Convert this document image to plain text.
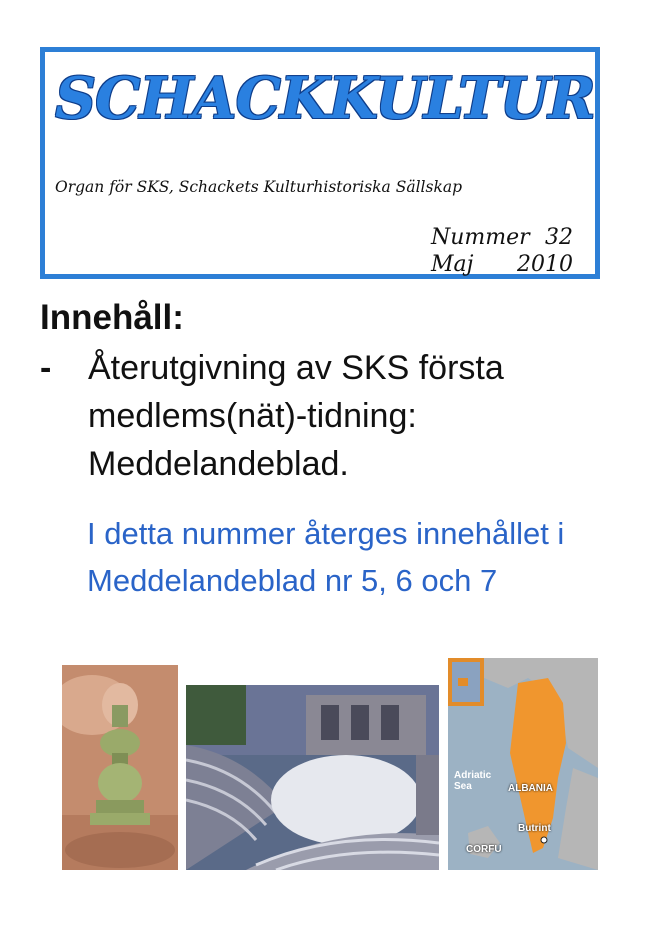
SCHACKKULTUR
Organ för SKS, Schackets Kulturhistoriska Sällskap
Nummer 32
Maj 2010
Innehåll:
- Återutgivning av SKS första medlems(nät)-tidning: Meddelandeblad.
I detta nummer återges innehållet i Meddelandeblad nr 5, 6 och 7
Adriatic Sea	ALBANIA
Butrint
CORFU
